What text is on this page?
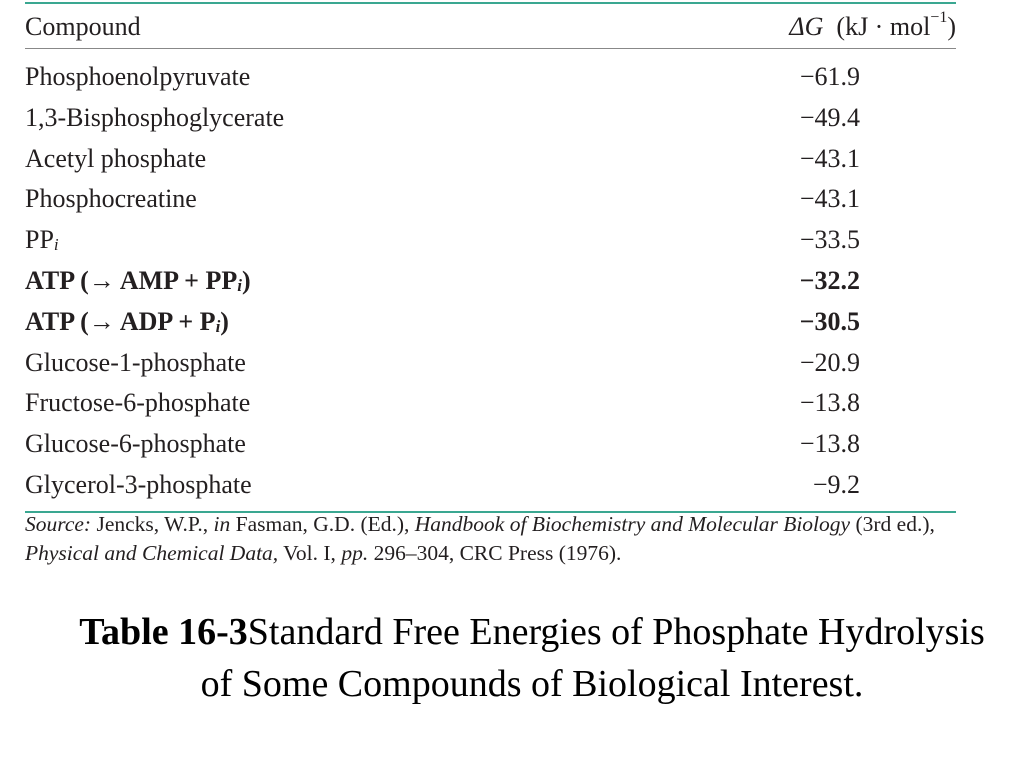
Compound	ΔG (kJ · mol$^{-1}$)
Phosphoenolpyruvate	−61.9
1,3-Bisphosphoglycerate	−49.4
Acetyl phosphate	−43.1
Phosphocreatine	−43.1
$PP_i$	−33.5
ATP (→ AMP + $PP_i$)	−32.2
ATP (→ ADP + $P_i$)	−30.5
Glucose-1-phosphate	−20.9
Fructose-6-phosphate	−13.8
Glucose-6-phosphate	−13.8
Glycerol-3-phosphate	−9.2
Source: Jencks, W.P., in Fasman, G.D. (Ed.), Handbook of Biochemistry and Molecular Biology (3rd ed.), Physical and Chemical Data, Vol. I, pp. 296–304, CRC Press (1976).
Table 16-3Standard Free Energies of Phosphate Hydrolysis of Some Compounds of Biological Interest.
